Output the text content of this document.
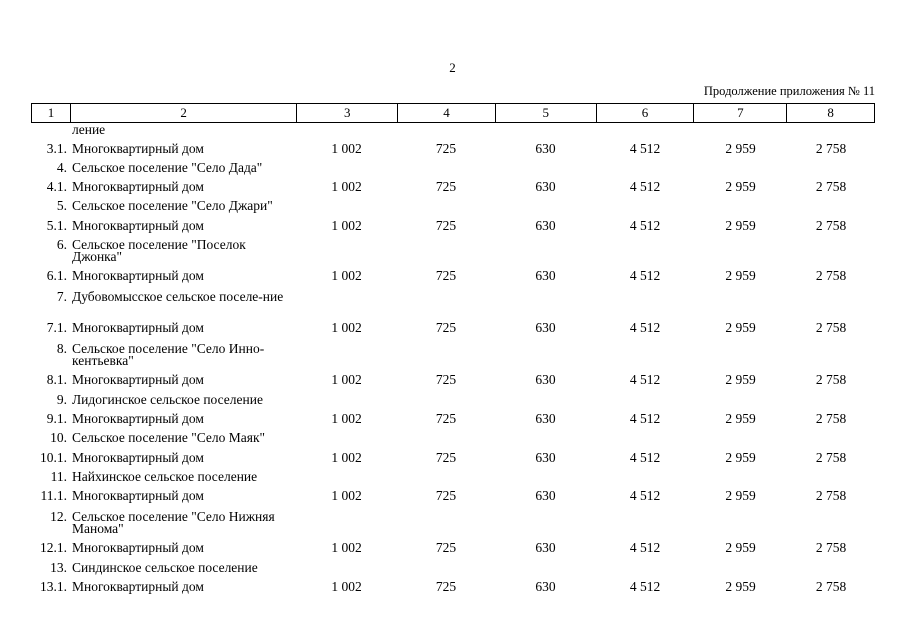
2
Продолжение приложения № 11
1	2	3	4	5	6	7	8
ление
3.1. Многоквартирный дом	1 002	725	630	4 512	2 959	2 758
4. Сельское поселение "Село Дада"
4.1. Многоквартирный дом	1 002	725	630	4 512	2 959	2 758
5. Сельское поселение "Село Джари"
5.1. Многоквартирный дом	1 002	725	630	4 512	2 959	2 758
6. Сельское поселение "Поселок Джонка"
6.1. Многоквартирный дом	1 002	725	630	4 512	2 959	2 758
7. Дубовомысское сельское поселе-ние
7.1. Многоквартирный дом	1 002	725	630	4 512	2 959	2 758
8. Сельское поселение "Село Инно-кентьевка"
8.1. Многоквартирный дом	1 002	725	630	4 512	2 959	2 758
9. Лидогинское сельское поселение
9.1. Многоквартирный дом	1 002	725	630	4 512	2 959	2 758
10. Сельское поселение "Село Маяк"
10.1. Многоквартирный дом	1 002	725	630	4 512	2 959	2 758
11. Найхинское сельское поселение
11.1. Многоквартирный дом	1 002	725	630	4 512	2 959	2 758
12. Сельское поселение "Село Нижняя Манома"
12.1. Многоквартирный дом	1 002	725	630	4 512	2 959	2 758
13. Синдинское сельское поселение
13.1. Многоквартирный дом	1 002	725	630	4 512	2 959	2 758
